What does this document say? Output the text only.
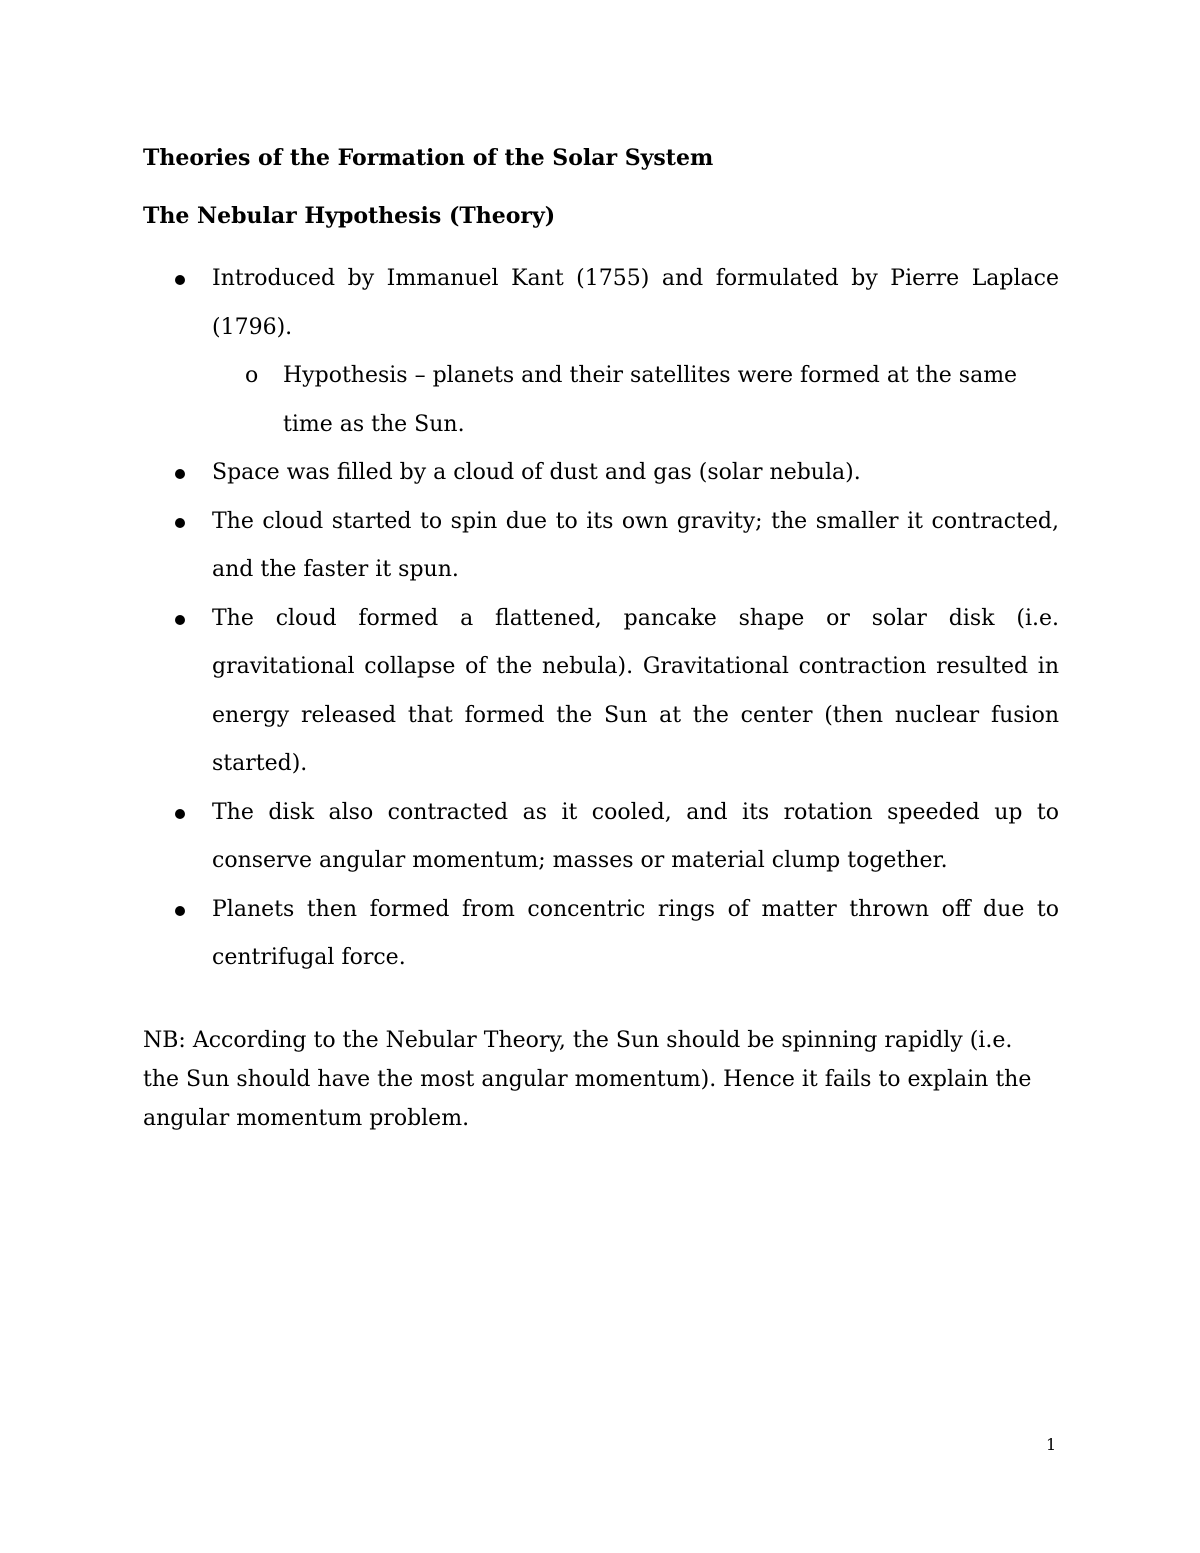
Theories of the Formation of the Solar System

The Nebular Hypothesis (Theory)

Introduced by Immanuel Kant (1755) and formulated by Pierre Laplace (1796).
o Hypothesis – planets and their satellites were formed at the same time as the Sun.
Space was filled by a cloud of dust and gas (solar nebula).
The cloud started to spin due to its own gravity; the smaller it contracted, and the faster it spun.
The cloud formed a flattened, pancake shape or solar disk (i.e. gravitational collapse of the nebula). Gravitational contraction resulted in energy released that formed the Sun at the center (then nuclear fusion started).
The disk also contracted as it cooled, and its rotation speeded up to conserve angular momentum; masses or material clump together.
Planets then formed from concentric rings of matter thrown off due to centrifugal force.

NB: According to the Nebular Theory, the Sun should be spinning rapidly (i.e. the Sun should have the most angular momentum). Hence it fails to explain the angular momentum problem.

1
